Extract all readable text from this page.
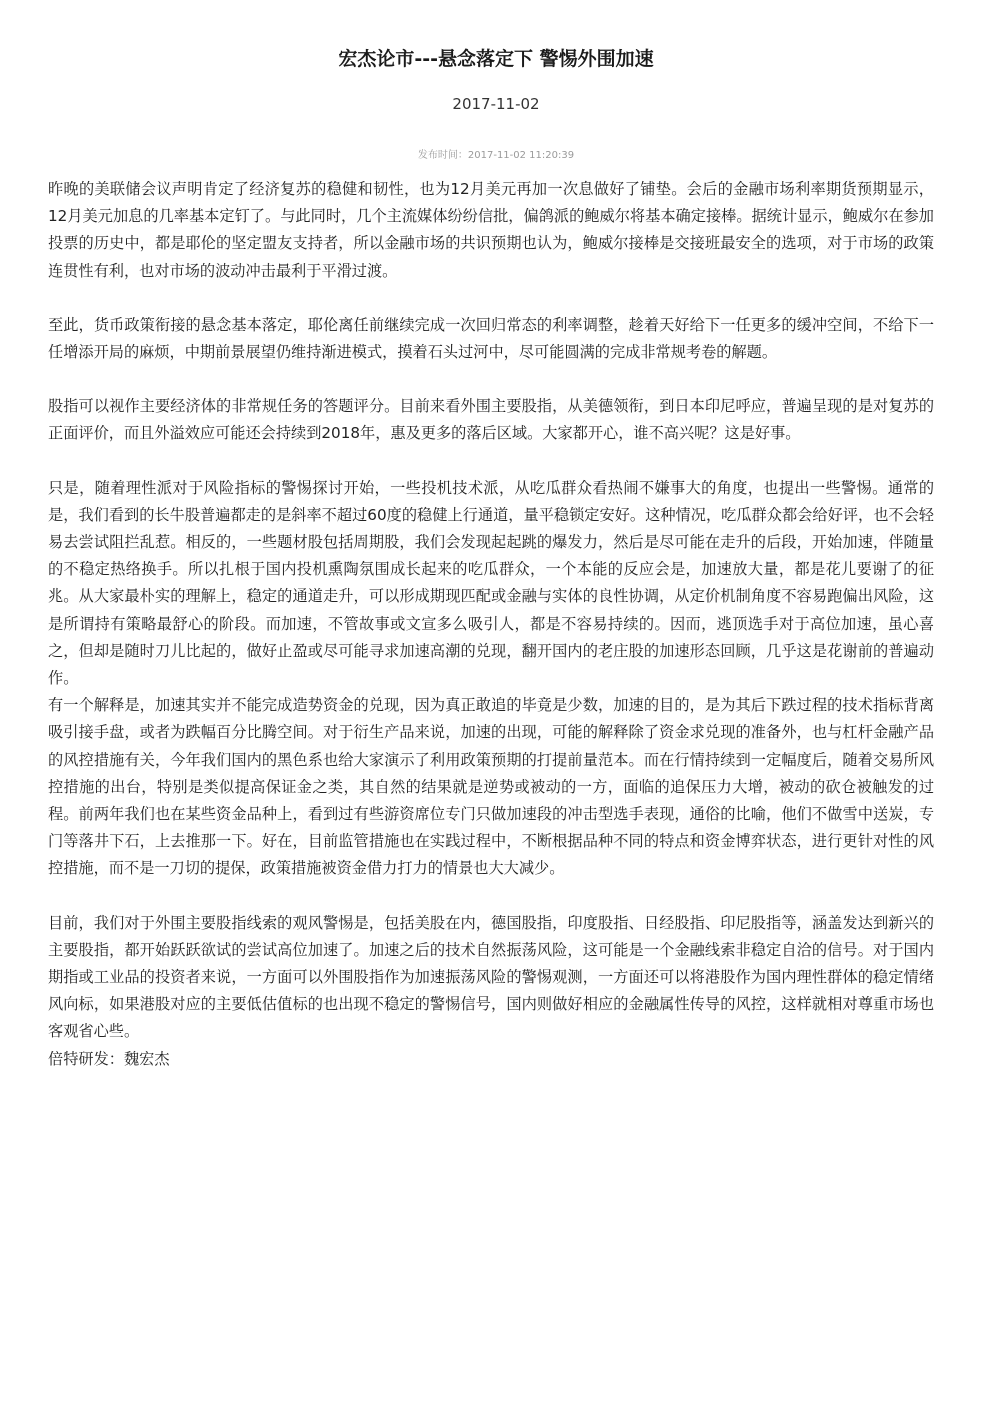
宏杰论市---悬念落定下 警惕外围加速
2017-11-02
发布时间：2017-11-02 11:20:39

昨晚的美联储会议声明肯定了经济复苏的稳健和韧性，也为12月美元再加一次息做好了铺垫。会后的金融市场利率期货预期显示，12月美元加息的几率基本定钉了。与此同时，几个主流媒体纷纷信批，偏鸽派的鲍威尔将基本确定接棒。据统计显示，鲍威尔在参加投票的历史中，都是耶伦的坚定盟友支持者，所以金融市场的共识预期也认为，鲍威尔接棒是交接班最安全的选项，对于市场的政策连贯性有利，也对市场的波动冲击最利于平滑过渡。

至此，货币政策衔接的悬念基本落定，耶伦离任前继续完成一次回归常态的利率调整，趁着天好给下一任更多的缓冲空间，不给下一任增添开局的麻烦，中期前景展望仍维持渐进模式，摸着石头过河中，尽可能圆满的完成非常规考卷的解题。

股指可以视作主要经济体的非常规任务的答题评分。目前来看外围主要股指，从美德领衔，到日本印尼呼应，普遍呈现的是对复苏的正面评价，而且外溢效应可能还会持续到2018年，惠及更多的落后区域。大家都开心，谁不高兴呢？这是好事。

只是，随着理性派对于风险指标的警惕探讨开始，一些投机技术派，从吃瓜群众看热闹不嫌事大的角度，也提出一些警惕。通常的是，我们看到的长牛股普遍都走的是斜率不超过60度的稳健上行通道，量平稳锁定安好。这种情况，吃瓜群众都会给好评，也不会轻易去尝试阻拦乱惹。相反的，一些题材股包括周期股，我们会发现起起跳的爆发力，然后是尽可能在走升的后段，开始加速，伴随量的不稳定热络换手。所以扎根于国内投机熏陶氛围成长起来的吃瓜群众，一个本能的反应会是，加速放大量，都是花儿要谢了的征兆。从大家最朴实的理解上，稳定的通道走升，可以形成期现匹配或金融与实体的良性协调，从定价机制角度不容易跑偏出风险，这是所谓持有策略最舒心的阶段。而加速，不管故事或文宣多么吸引人，都是不容易持续的。因而，逃顶选手对于高位加速，虽心喜之，但却是随时刀儿比起的，做好止盈或尽可能寻求加速高潮的兑现，翻开国内的老庄股的加速形态回顾，几乎这是花谢前的普遍动作。

有一个解释是，加速其实并不能完成造势资金的兑现，因为真正敢追的毕竟是少数，加速的目的，是为其后下跌过程的技术指标背离吸引接手盘，或者为跌幅百分比腾空间。对于衍生产品来说，加速的出现，可能的解释除了资金求兑现的准备外，也与杠杆金融产品的风控措施有关，今年我们国内的黑色系也给大家演示了利用政策预期的打提前量范本。而在行情持续到一定幅度后，随着交易所风控措施的出台，特别是类似提高保证金之类，其自然的结果就是逆势或被动的一方，面临的追保压力大增，被动的砍仓被触发的过程。前两年我们也在某些资金品种上，看到过有些游资席位专门只做加速段的冲击型选手表现，通俗的比喻，他们不做雪中送炭，专门等落井下石，上去推那一下。好在，目前监管措施也在实践过程中，不断根据品种不同的特点和资金博弈状态，进行更针对性的风控措施，而不是一刀切的提保，政策措施被资金借力打力的情景也大大减少。

目前，我们对于外围主要股指线索的观风警惕是，包括美股在内，德国股指，印度股指、日经股指、印尼股指等，涵盖发达到新兴的主要股指，都开始跃跃欲试的尝试高位加速了。加速之后的技术自然振荡风险，这可能是一个金融线索非稳定自洽的信号。对于国内期指或工业品的投资者来说，一方面可以外围股指作为加速振荡风险的警惕观测，一方面还可以将港股作为国内理性群体的稳定情绪风向标，如果港股对应的主要低估值标的也出现不稳定的警惕信号，国内则做好相应的金融属性传导的风控，这样就相对尊重市场也客观省心些。

倍特研发：魏宏杰
